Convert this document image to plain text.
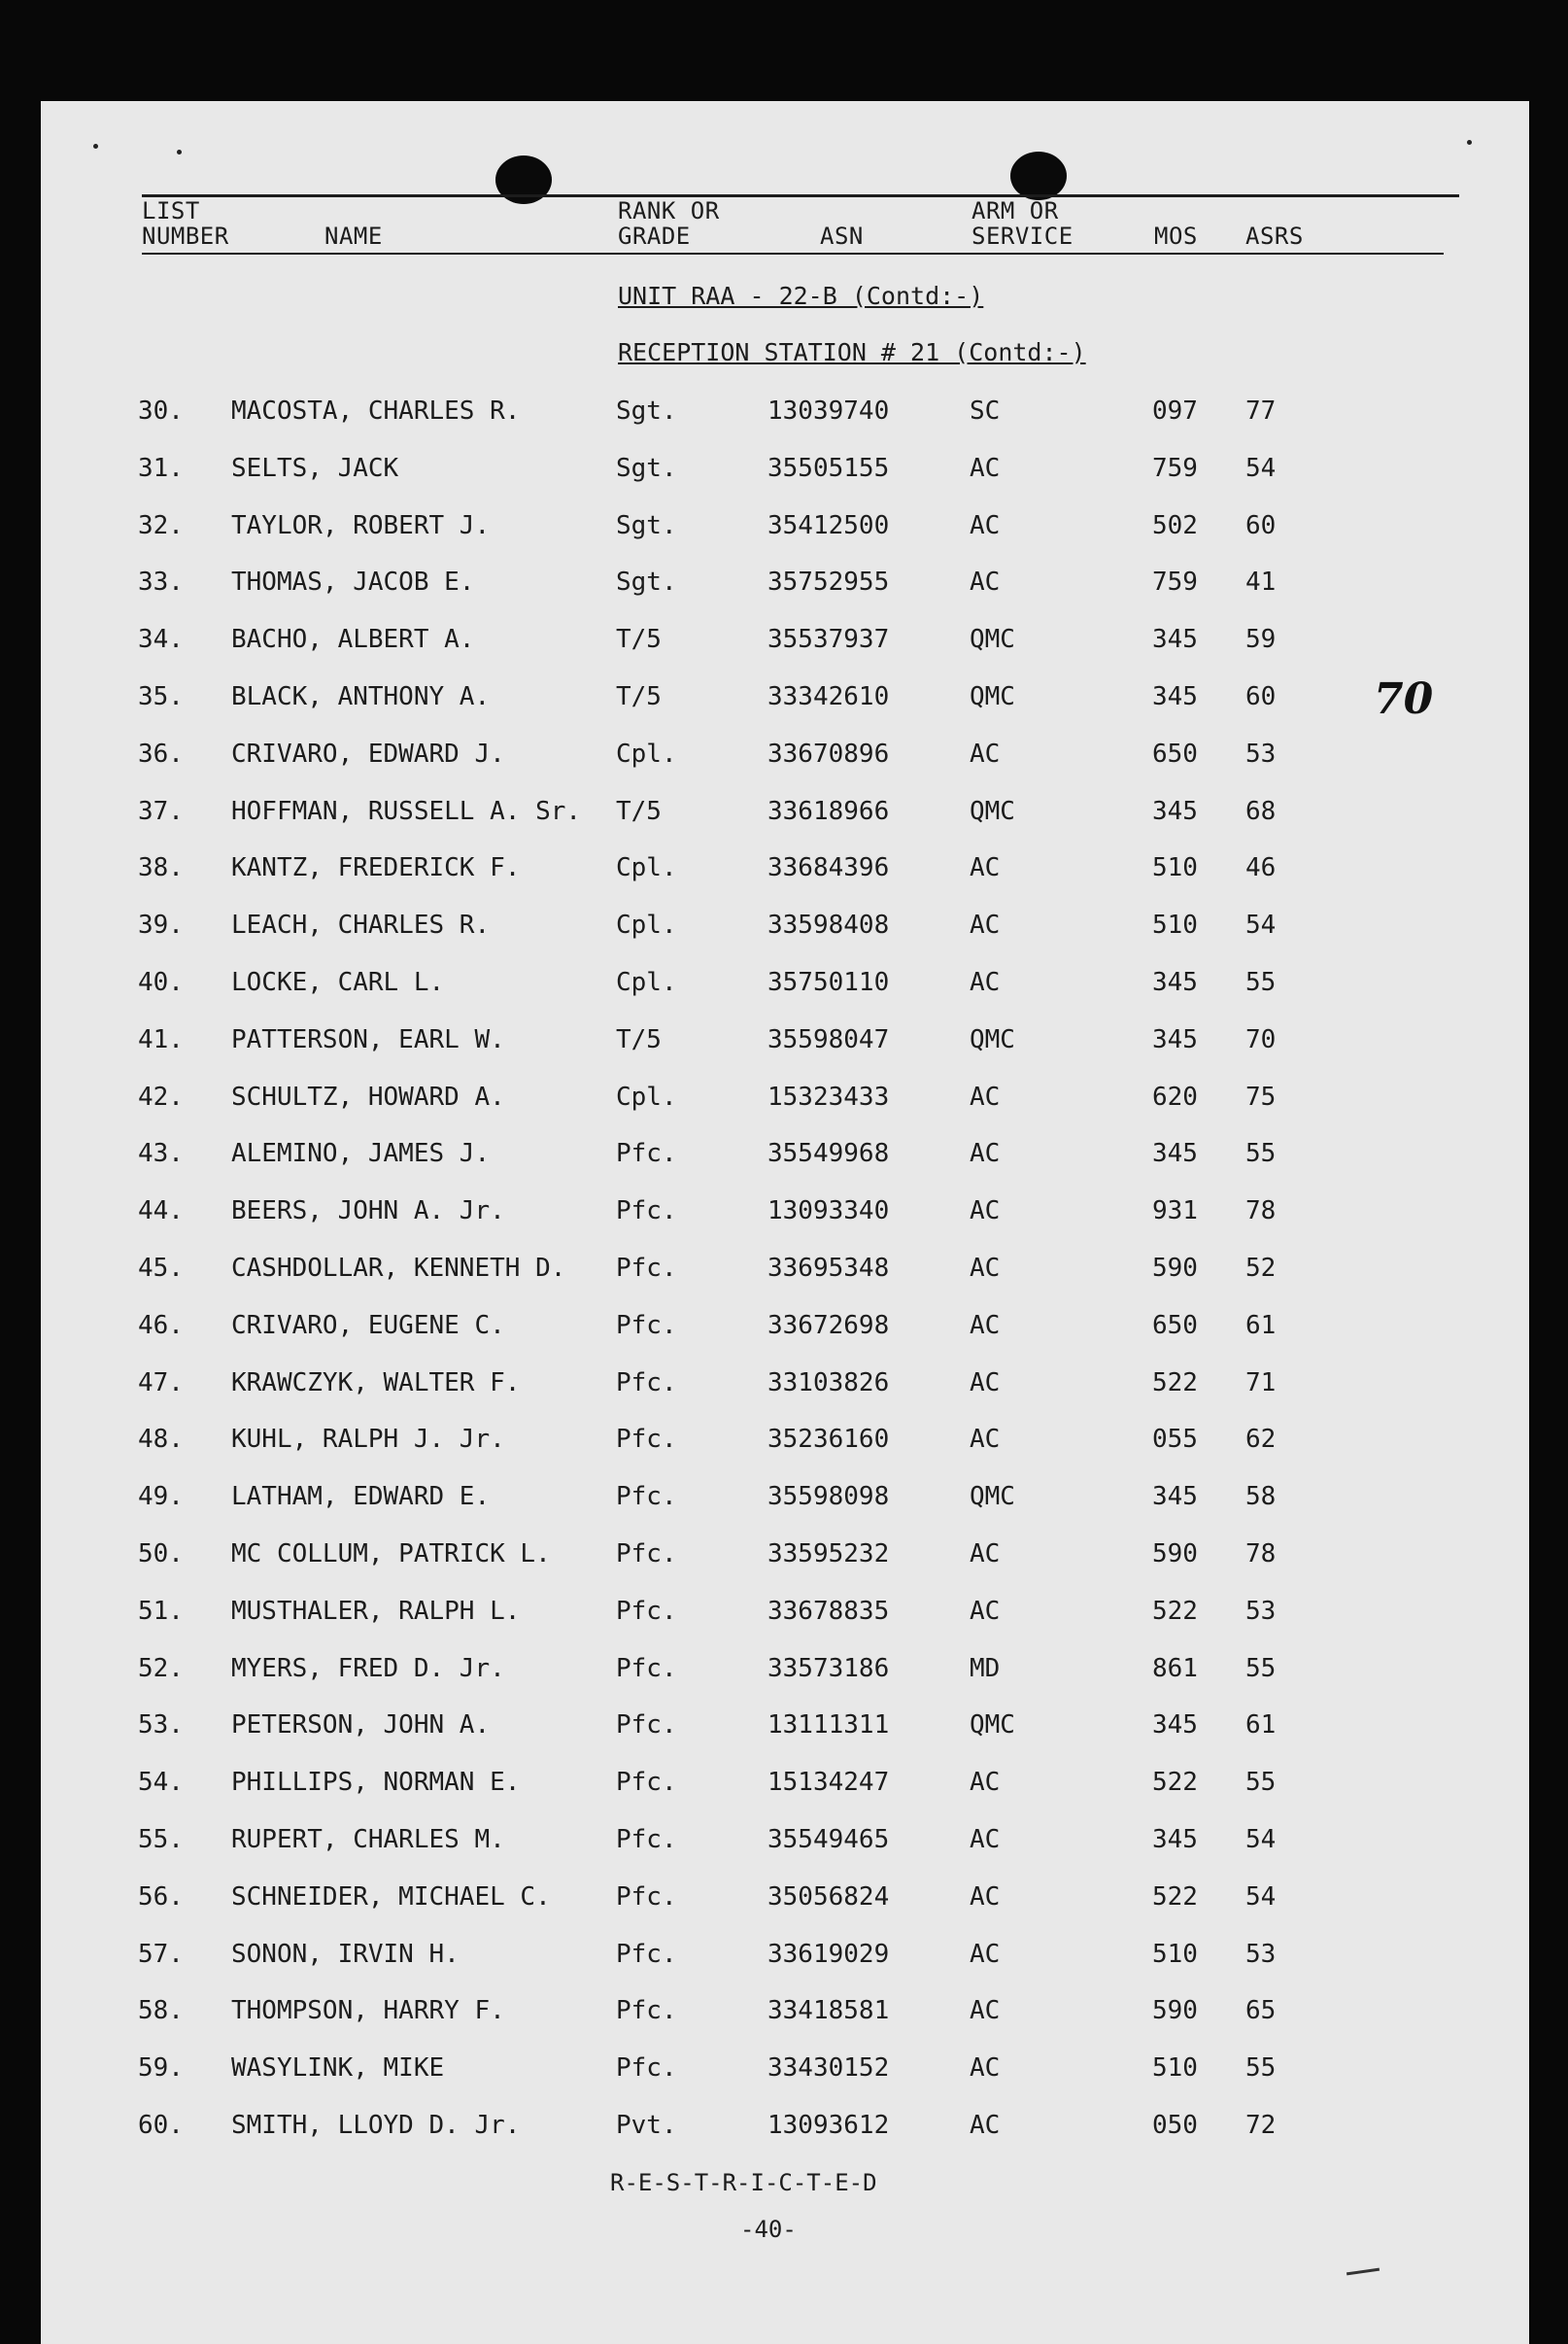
LIST
NUMBER	NAME
RANK OR
GRADE	ASN
ARM OR
SERVICE	MOS ASRS
UNIT RAA - 22-B (Contd:-)
RECEPTION STATION # 21 (Contd:-)
70
30. MACOSTA, CHARLES R.	Sgt.	13039740	SC	097 77
31. SELTS, JACK	Sgt.	35505155	AC	759 54
32. TAYLOR, ROBERT J.	Sgt.	35412500	AC	502 60
33. THOMAS, JACOB E.	Sgt.	35752955	AC	759 41
34. BACHO, ALBERT A.	T/5	35537937	QMC	345 59
35. BLACK, ANTHONY A.	T/5	33342610	QMC	345 60
36. CRIVARO, EDWARD J.	Cpl.	33670896	AC	650 53
37. HOFFMAN, RUSSELL A. Sr. T/5	33618966	QMC	345 68
38. KANTZ, FREDERICK F.	Cpl.	33684396	AC	510 46
39. LEACH, CHARLES R.	Cpl.	33598408	AC	510 54
40. LOCKE, CARL L.	Cpl.	35750110	AC	345 55
41. PATTERSON, EARL W.	T/5	35598047	QMC	345 70
42. SCHULTZ, HOWARD A.	Cpl.	15323433	AC	620 75
43. ALEMINO, JAMES J.	Pfc.	35549968	AC	345 55
44. BEERS, JOHN A. Jr.	Pfc.	13093340	AC	931 78
45. CASHDOLLAR, KENNETH D. Pfc.	33695348	AC	590 52
46. CRIVARO, EUGENE C.	Pfc.	33672698	AC	650 61
47. KRAWCZYK, WALTER F.	Pfc.	33103826	AC	522 71
48. KUHL, RALPH J. Jr.	Pfc.	35236160	AC	055 62
49. LATHAM, EDWARD E.	Pfc.	35598098	QMC	345 58
50. MC COLLUM, PATRICK L.	Pfc.	33595232	AC	590 78
51. MUSTHALER, RALPH L.	Pfc.	33678835	AC	522 53
52. MYERS, FRED D. Jr.	Pfc.	33573186	MD	861 55
53. PETERSON, JOHN A.	Pfc.	13111311	QMC	345 61
54. PHILLIPS, NORMAN E.	Pfc.	15134247	AC	522 55
55. RUPERT, CHARLES M.	Pfc.	35549465	AC	345 54
56. SCHNEIDER, MICHAEL C.	Pfc.	35056824	AC	522 54
57. SONON, IRVIN H.	Pfc.	33619029	AC	510 53
58. THOMPSON, HARRY F.	Pfc.	33418581	AC	590 65
59. WASYLINK, MIKE	Pfc.	33430152	AC	510 55
60. SMITH, LLOYD D. Jr.	Pvt.	13093612	AC	050 72
R-E-S-T-R-I-C-T-E-D
-40-
